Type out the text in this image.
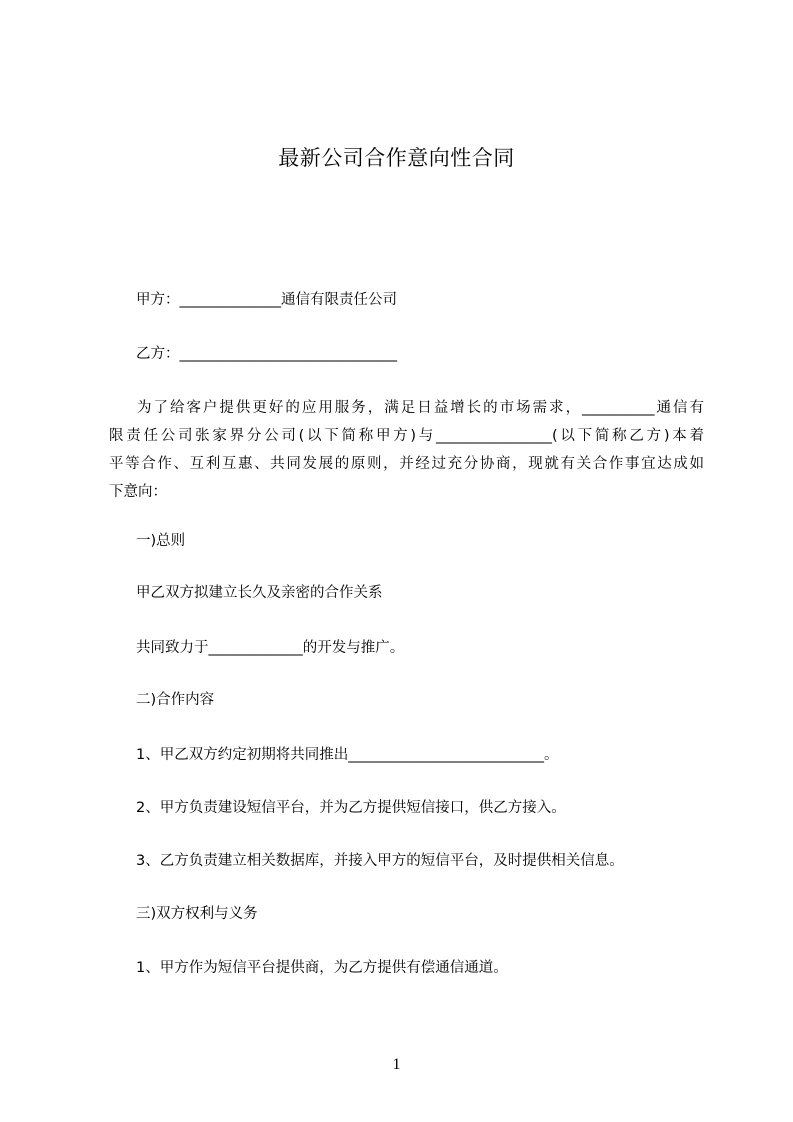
最新公司合作意向性合同
甲方：______________通信有限责任公司
乙方：______________________________
为了给客户提供更好的应用服务，满足日益增长的市场需求，__________通信有
限责任公司张家界分公司(以下简称甲方)与________________(以下简称乙方)本着
平等合作、互利互惠、共同发展的原则，并经过充分协商，现就有关合作事宜达成如
下意向：
一)总则
甲乙双方拟建立长久及亲密的合作关系
共同致力于_____________的开发与推广。
二)合作内容
1、甲乙双方约定初期将共同推出___________________________。
2、甲方负责建设短信平台，并为乙方提供短信接口，供乙方接入。
3、乙方负责建立相关数据库，并接入甲方的短信平台，及时提供相关信息。
三)双方权利与义务
1、甲方作为短信平台提供商，为乙方提供有偿通信通道。
1
